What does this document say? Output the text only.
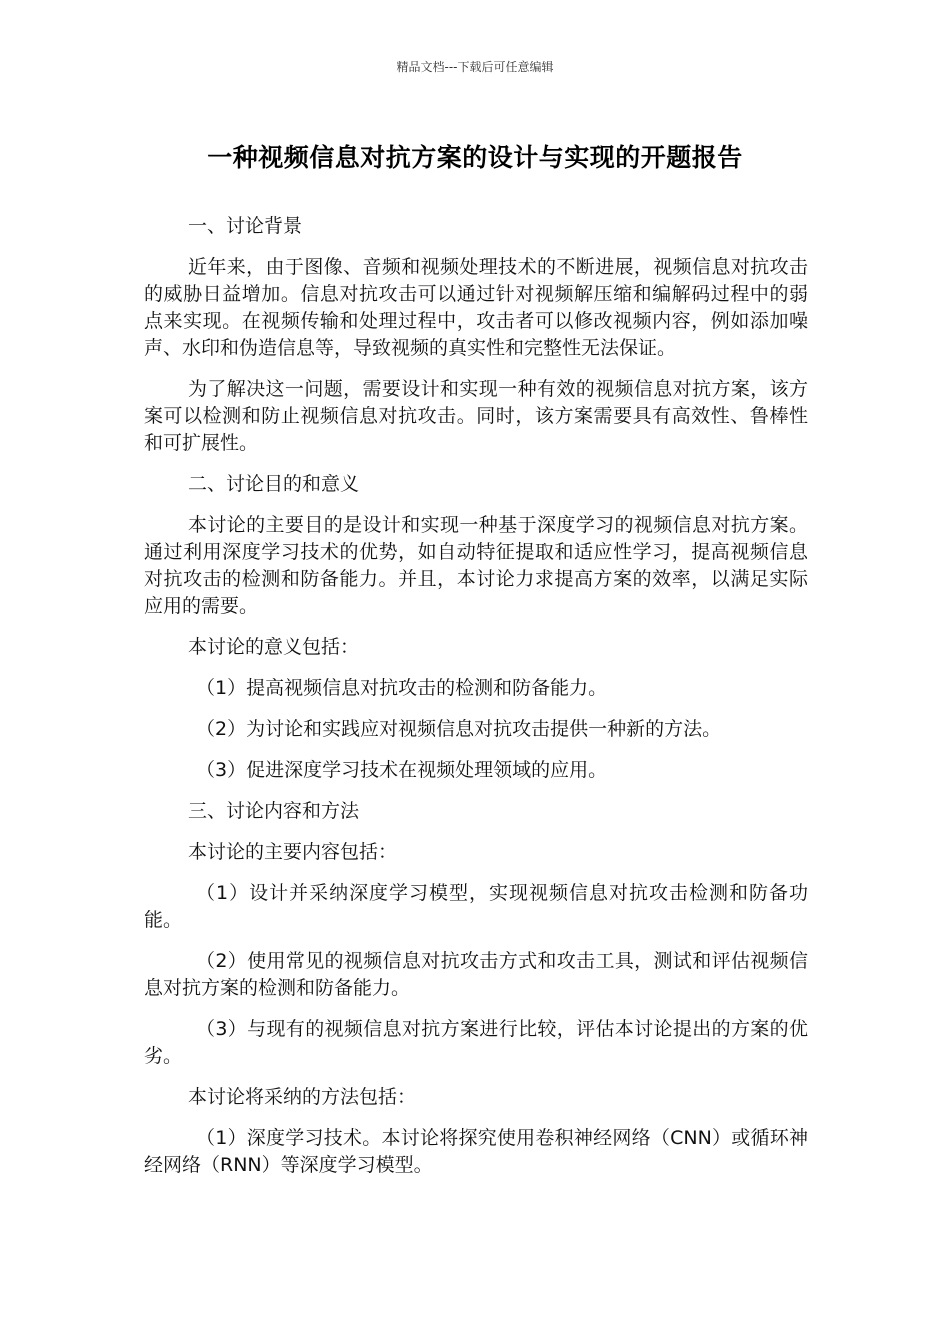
精品文档---下载后可任意编辑
一种视频信息对抗方案的设计与实现的开题报告

一、讨论背景

近年来，由于图像、音频和视频处理技术的不断进展，视频信息对抗攻击的威胁日益增加。信息对抗攻击可以通过针对视频解压缩和编解码过程中的弱点来实现。在视频传输和处理过程中，攻击者可以修改视频内容，例如添加噪声、水印和伪造信息等，导致视频的真实性和完整性无法保证。

为了解决这一问题，需要设计和实现一种有效的视频信息对抗方案，该方案可以检测和防止视频信息对抗攻击。同时，该方案需要具有高效性、鲁棒性和可扩展性。

二、讨论目的和意义

本讨论的主要目的是设计和实现一种基于深度学习的视频信息对抗方案。通过利用深度学习技术的优势，如自动特征提取和适应性学习，提高视频信息对抗攻击的检测和防备能力。并且，本讨论力求提高方案的效率，以满足实际应用的需要。

本讨论的意义包括：

（1）提高视频信息对抗攻击的检测和防备能力。

（2）为讨论和实践应对视频信息对抗攻击提供一种新的方法。

（3）促进深度学习技术在视频处理领域的应用。

三、讨论内容和方法

本讨论的主要内容包括：

（1）设计并采纳深度学习模型，实现视频信息对抗攻击检测和防备功能。

（2）使用常见的视频信息对抗攻击方式和攻击工具，测试和评估视频信息对抗方案的检测和防备能力。

（3）与现有的视频信息对抗方案进行比较，评估本讨论提出的方案的优劣。

本讨论将采纳的方法包括：

（1）深度学习技术。本讨论将探究使用卷积神经网络（CNN）或循环神经网络（RNN）等深度学习模型。
